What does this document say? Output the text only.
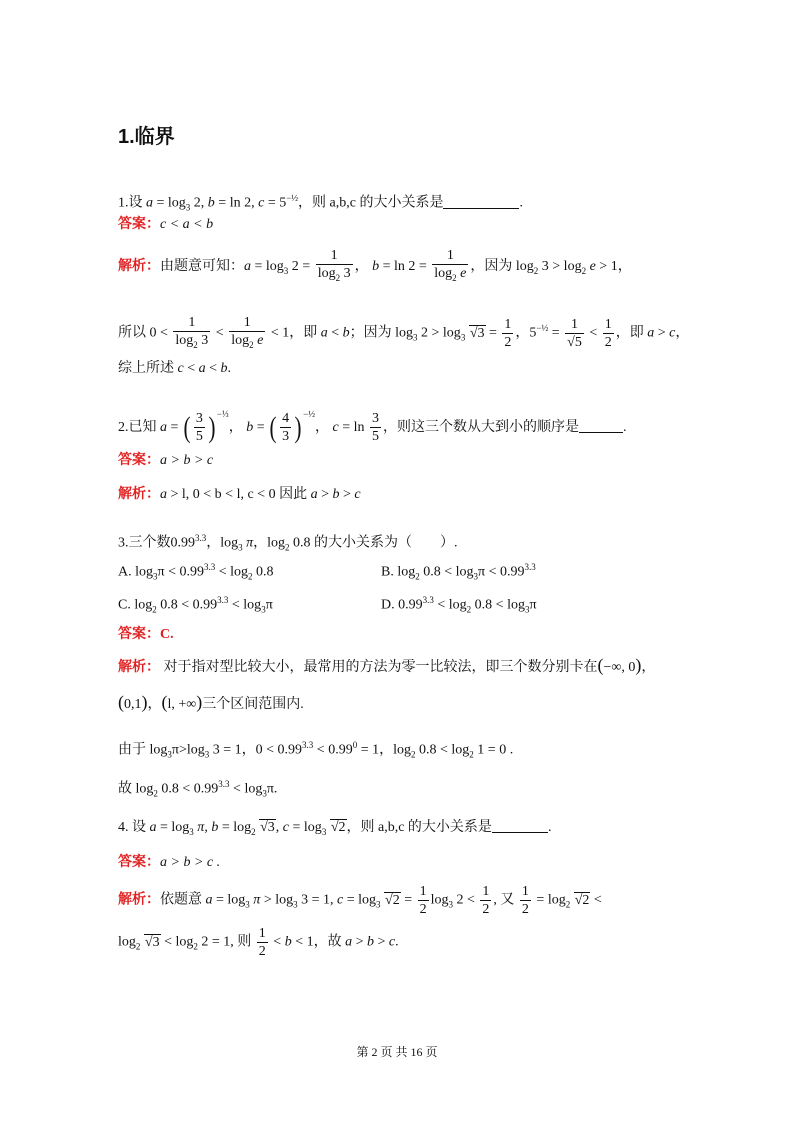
1.临界
1.设 $a = \log_3 2$, b = ln 2, $c = 5^{-\frac{1}{2}}$，则 a,b,c 的大小关系是	.
答案：c < a < b
解析：由题意可知：$a = \log_3 2 = \frac{1}{\log_2 3}$ ， $b = \ln 2 = \frac{1}{\log_2 e}$ ，因为 $\log_2 3 > \log_2 e > 1$，
所以 $0 < \frac{1}{\log_2 3} < \frac{1}{\log_2 e} < 1$，即 a < b；因为 $\log_3 2 > \log_3 √3 = \frac{1}{2}$ ，$5^{-\frac{1}{2}} = \frac{1}{√5} < \frac{1}{2}$ ，即 a > c，
综上所述 c < a < b.
2.已知 a = ( $\frac{3}{5}$ ) $^{-\frac{1}{3}}$， b = ( $\frac{4}{3}$ ) $^{-\frac{1}{2}}$， $c = \ln \frac{3}{5}$ ，则这三个数从大到小的顺序是	.
答案：a > b > c
解析：a > l, 0 < b < l, c < 0 因此 a > b > c
3.三个数$0.99^{3.3}$，$\log_3 \pi$，$\log_2 0.8$ 的大小关系为（　　）.
A. $\log_3\pi < 0.99^{3.3} < \log_2 0.8$	B. $\log_2 0.8 < \log_3\pi < 0.99^{3.3}$
C. $\log_2 0.8 < 0.99^{3.3} < \log_3\pi$	D. $0.99^{3.3} < \log_2 0.8 < \log_3\pi$
答案：C.
解析： 对于指对型比较大小，最常用的方法为零一比较法，即三个数分别卡在(−∞, 0)，
(0,1)，(l, +∞)三个区间范围内.
由于 $\log_3\pi>\log_3$ 3 = 1，$0 < 0.99^{3.3} < 0.99^0 = 1$，$\log_2 0.8 < \log_2 1 = 0$ .
故 $\log_2 0.8 < 0.99^{3.3} < \log_3\pi$.
4. 设 $a = \log_3 \pi$, $b = \log_2 √3$, $c = \log_3 √2$，则 a,b,c 的大小关系是	.
答案：a > b > c .
解析：依题意 $a = \log_3 \pi > \log_3 3 = 1$, $c = \log_3 √2 = \frac{1}{2} \log_3 2 < \frac{1}{2}$ , 又 $\frac{1}{2} = \log_2 √2$ <
$\log_2 √3 < \log_2 2 = 1$, 则 $\frac{1}{2} < b < 1$，故 a > b > c.
第 2 页 共 16 页
